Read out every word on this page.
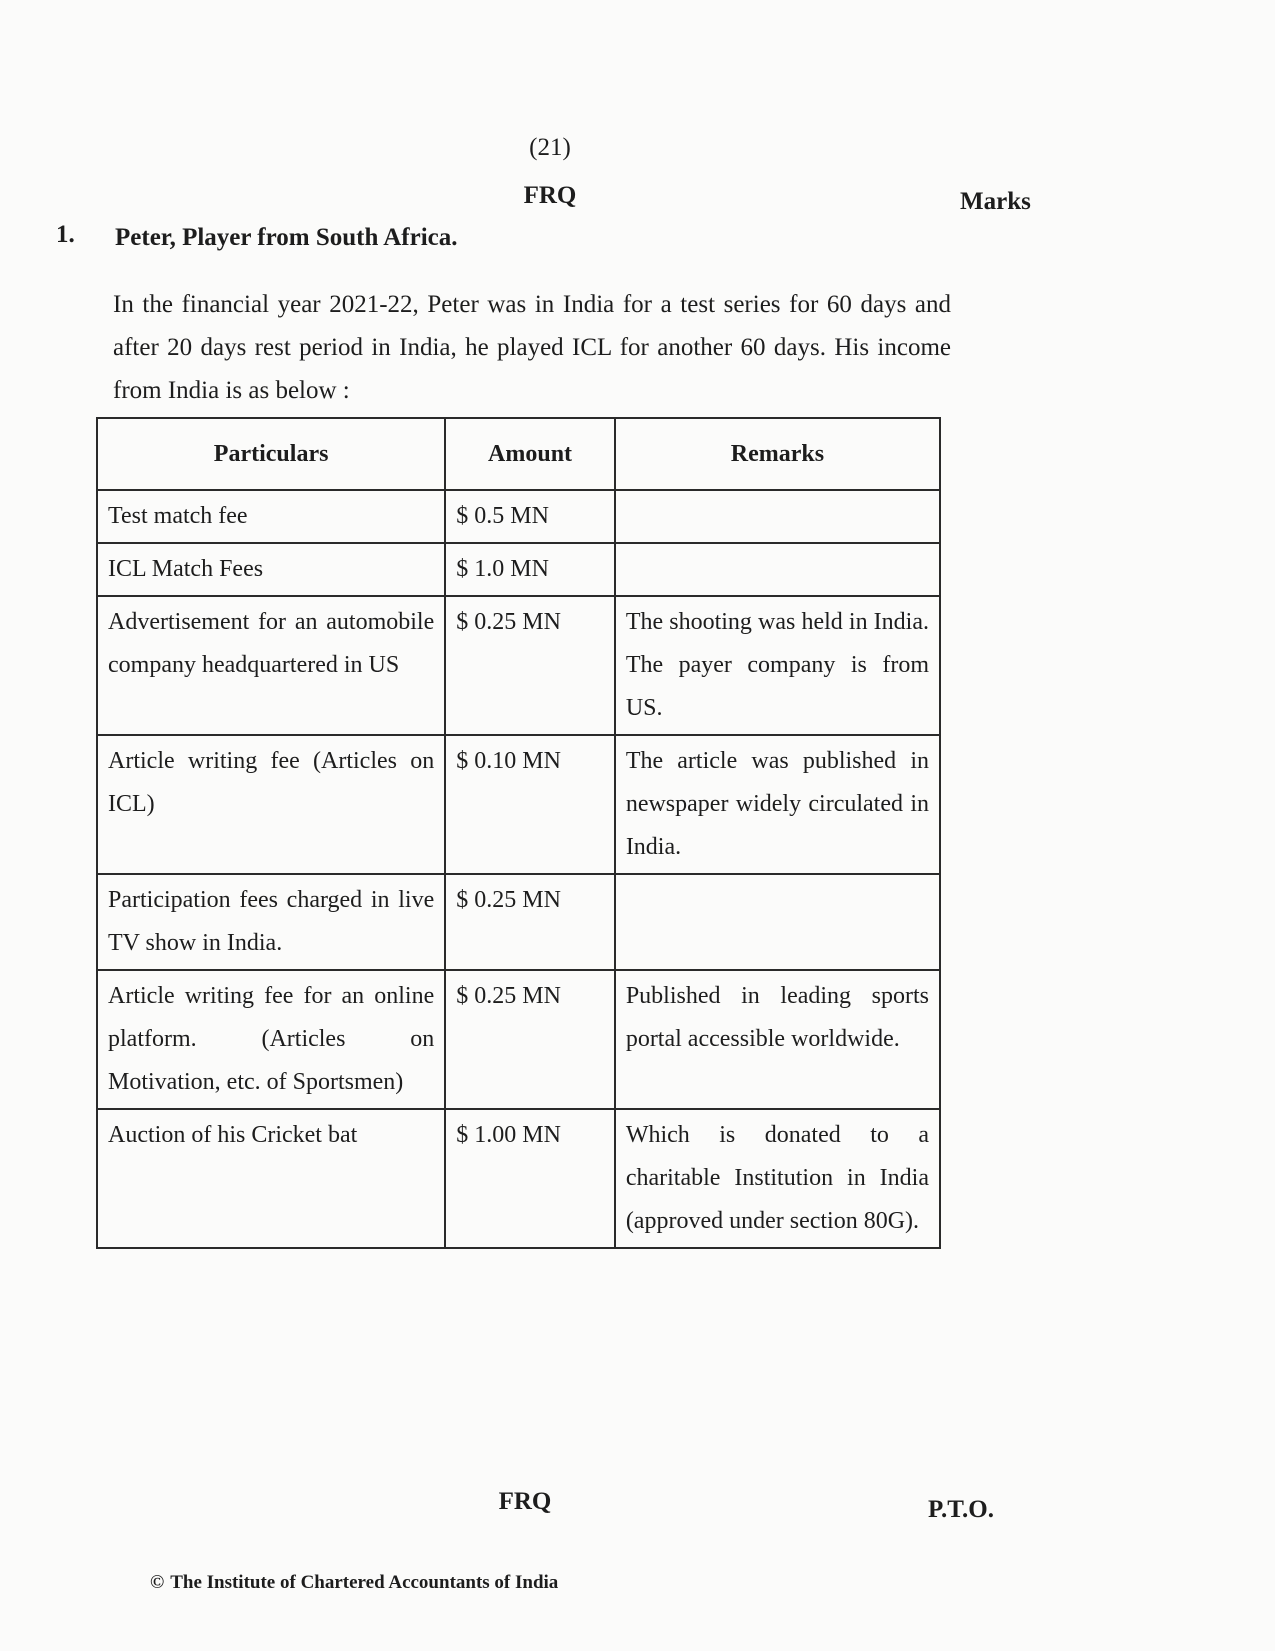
(21)
FRQ	Marks
1. Peter, Player from South Africa.
In the financial year 2021-22, Peter was in India for a test series for 60 days and after 20 days rest period in India, he played ICL for another 60 days. His income from India is as below :
Particulars	Amount	Remarks
Test match fee	$ 0.5 MN	
ICL Match Fees	$ 1.0 MN	
Advertisement for an automobile company headquartered in US	$ 0.25 MN	The shooting was held in India. The payer company is from US.
Article writing fee (Articles on ICL)	$ 0.10 MN	The article was published in newspaper widely circulated in India.
Participation fees charged in live TV show in India.	$ 0.25 MN	
Article writing fee for an online platform. (Articles on Motivation, etc. of Sportsmen)	$ 0.25 MN	Published in leading sports portal accessible worldwide.
Auction of his Cricket bat	$ 1.00 MN	Which is donated to a charitable Institution in India (approved under section 80G).
FRQ	P.T.O.
© The Institute of Chartered Accountants of India
